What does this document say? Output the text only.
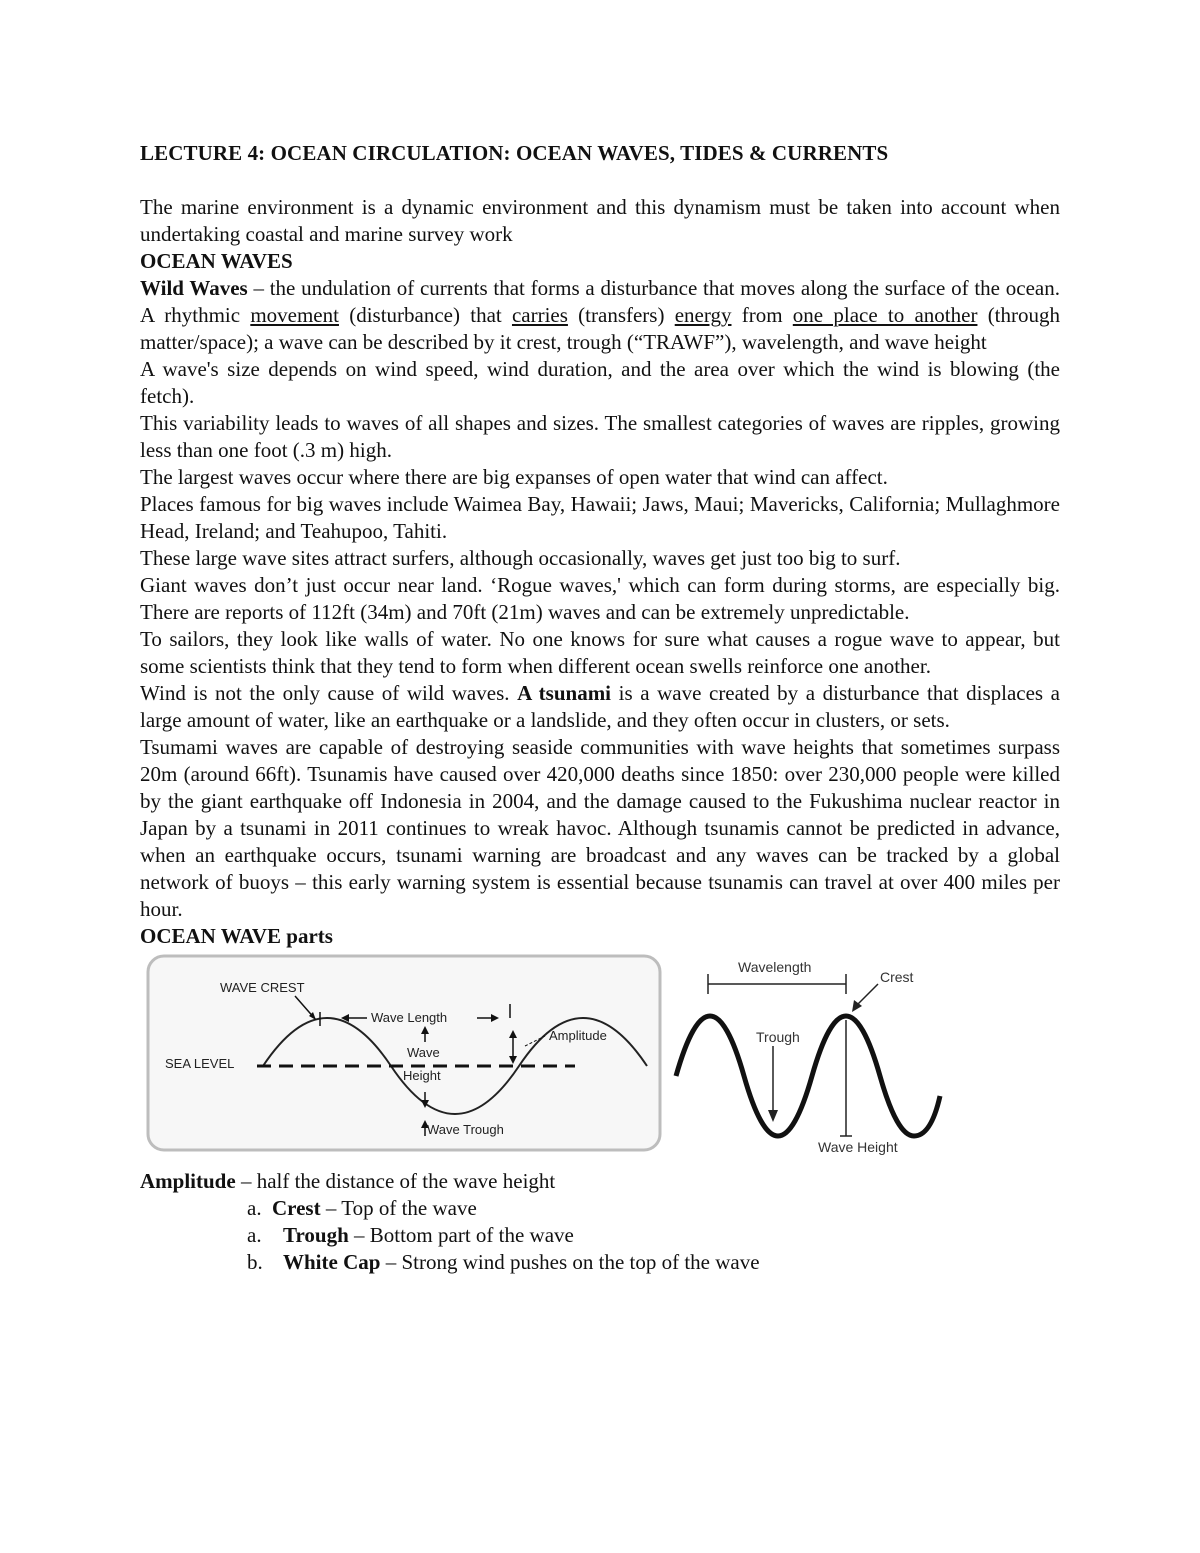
LECTURE 4: OCEAN CIRCULATION: OCEAN WAVES, TIDES & CURRENTS

The marine environment is a dynamic environment and this dynamism must be taken into account when undertaking coastal and marine survey work

OCEAN WAVES

Wild Waves – the undulation of currents that forms a disturbance that moves along the surface of the ocean. A rhythmic movement (disturbance) that carries (transfers) energy from one place to another (through matter/space); a wave can be described by it crest, trough (“TRAWF”), wavelength, and wave height

A wave's size depends on wind speed, wind duration, and the area over which the wind is blowing (the fetch).

This variability leads to waves of all shapes and sizes. The smallest categories of waves are ripples, growing less than one foot (.3 m) high.

The largest waves occur where there are big expanses of open water that wind can affect.

Places famous for big waves include Waimea Bay, Hawaii; Jaws, Maui; Mavericks, California; Mullaghmore Head, Ireland; and Teahupoo, Tahiti.

These large wave sites attract surfers, although occasionally, waves get just too big to surf.

Giant waves don’t just occur near land. ‘Rogue waves,' which can form during storms, are especially big. There are reports of 112ft (34m) and 70ft (21m) waves and can be extremely unpredictable.

To sailors, they look like walls of water. No one knows for sure what causes a rogue wave to appear, but some scientists think that they tend to form when different ocean swells reinforce one another.

Wind is not the only cause of wild waves. A tsunami is a wave created by a disturbance that displaces a large amount of water, like an earthquake or a landslide, and they often occur in clusters, or sets.

Tsumami waves are capable of destroying seaside communities with wave heights that sometimes surpass 20m (around 66ft). Tsunamis have caused over 420,000 deaths since 1850: over 230,000 people were killed by the giant earthquake off Indonesia in 2004, and the damage caused to the Fukushima nuclear reactor in Japan by a tsunami in 2011 continues to wreak havoc. Although tsunamis cannot be predicted in advance, when an earthquake occurs, tsunami warning are broadcast and any waves can be tracked by a global network of buoys – this early warning system is essential because tsunamis can travel at over 400 miles per hour.

OCEAN WAVE parts

WAVE CREST
Wave Length
Amplitude
SEA LEVEL
Wave
Height
Wave Trough
Wavelength
Crest
Trough
Wave Height

Amplitude – half the distance of the wave height

a. Crest – Top of the wave
a. Trough – Bottom part of the wave
b. White Cap – Strong wind pushes on the top of the wave
